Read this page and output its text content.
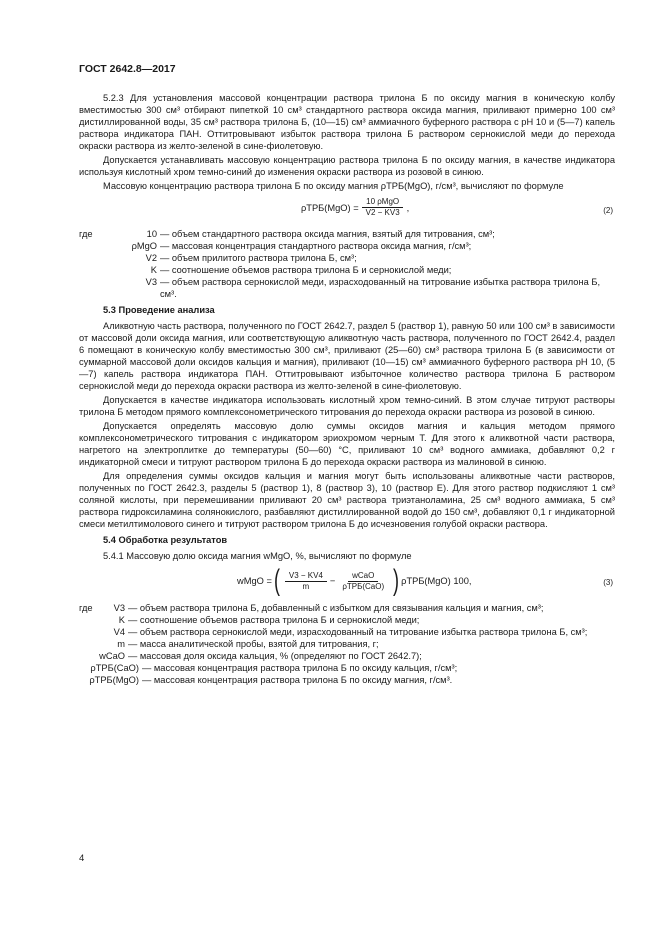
ГОСТ 2642.8—2017

5.2.3 Для установления массовой концентрации раствора трилона Б по оксиду магния в коническую колбу вместимостью 300 см³ отбирают пипеткой 10 см³ стандартного раствора оксида магния, приливают примерно 100 см³ дистиллированной воды, 35 см³ раствора трилона Б, (10—15) см³ аммиачного буферного раствора с рН 10 и (5—7) капель раствора индикатора ПАН. Оттитровывают избыток раствора трилона Б раствором сернокислой меди до перехода окраски раствора из желто-зеленой в сине-фиолетовую.

Допускается устанавливать массовую концентрацию раствора трилона Б по оксиду магния, в качестве индикатора используя кислотный хром темно-синий до изменения окраски раствора из розовой в синюю.

Массовую концентрацию раствора трилона Б по оксиду магния ρТРБ(MgO), г/см³, вычисляют по формуле

$\rho ТРБ(MgO) = \frac{\text{10 ρMgO}}{V2 - KV3}$ ,	(2)
где	10 — объем стандартного раствора оксида магния, взятый для титрования, см³;
ρMgO — массовая концентрация стандартного раствора оксида магния, г/см³;
V2 — объем прилитого раствора трилона Б, см³;
K — соотношение объемов раствора трилона Б и сернокислой меди;
V3 — объем раствора сернокислой меди, израсходованный на титрование избытка раствора трилона Б, см³.
5.3 Проведение анализа

Аликвотную часть раствора, полученного по ГОСТ 2642.7, раздел 5 (раствор 1), равную 50 или 100 см³ в зависимости от массовой доли оксида магния, или соответствующую аликвотную часть раствора, полученного по ГОСТ 2642.4, раздел 6 помещают в коническую колбу вместимостью 300 см³, приливают (25—60) см³ раствора трилона Б (в зависимости от суммарной массовой доли оксидов кальция и магния), приливают (10—15) см³ аммиачного буферного раствора рН 10, (5—7) капель раствора индикатора ПАН. Оттитровывают избыточное количество раствора трилона Б раствором сернокислой меди до перехода окраски раствора из желто-зеленой в сине-фиолетовую.

Допускается в качестве индикатора использовать кислотный хром темно-синий. В этом случае титруют растворы трилона Б методом прямого комплексонометрического титрования до перехода окраски раствора из розовой в синюю.

Допускается определять массовую долю суммы оксидов магния и кальция методом прямого комплексонометрического титрования с индикатором эриохромом черным Т. Для этого к аликвотной части раствора, нагретого на электроплитке до температуры (50—60) °С, приливают 10 см³ водного аммиака, добавляют 0,2 г индикаторной смеси и титруют раствором трилона Б до перехода окраски раствора из малиновой в синюю.

Для определения суммы оксидов кальция и магния могут быть использованы аликвотные части растворов, полученных по ГОСТ 2642.3, разделы 5 (раствор 1), 8 (раствор 3), 10 (раствор Е). Для этого раствор подкисляют 1 см³ соляной кислоты, при перемешивании приливают 20 см³ раствора триэтаноламина, 25 см³ водного аммиака, 5 см³ раствора гидроксиламина солянокислого, разбавляют дистиллированной водой до 150 см³, добавляют 0,1 г индикаторной смеси метилтимолового синего и титруют раствором трилона Б до исчезновения голубой окраски раствора.

5.4 Обработка результатов

5.4.1 Массовую долю оксида магния wMgO, %, вычисляют по формуле

wMgO = ( $\frac{V3 - KV4}{m} - \frac{\text{wCaO}}{\text{ρТРБ(CaO)}}$ ) ρТРБ(MgO) 100,	(3)
где	V3 — объем раствора трилона Б, добавленный с избытком для связывания кальция и магния, см³;
K — соотношение объемов раствора трилона Б и сернокислой меди;
V4 — объем раствора сернокислой меди, израсходованный на титрование избытка раствора трилона Б, см³;
m — масса аналитической пробы, взятой для титрования, г;
wCaO — массовая доля оксида кальция, % (определяют по ГОСТ 2642.7);
ρТРБ(CaO) — массовая концентрация раствора трилона Б по оксиду кальция, г/см³;
ρТРБ(MgO) — массовая концентрация раствора трилона Б по оксиду магния, г/см³.
4
